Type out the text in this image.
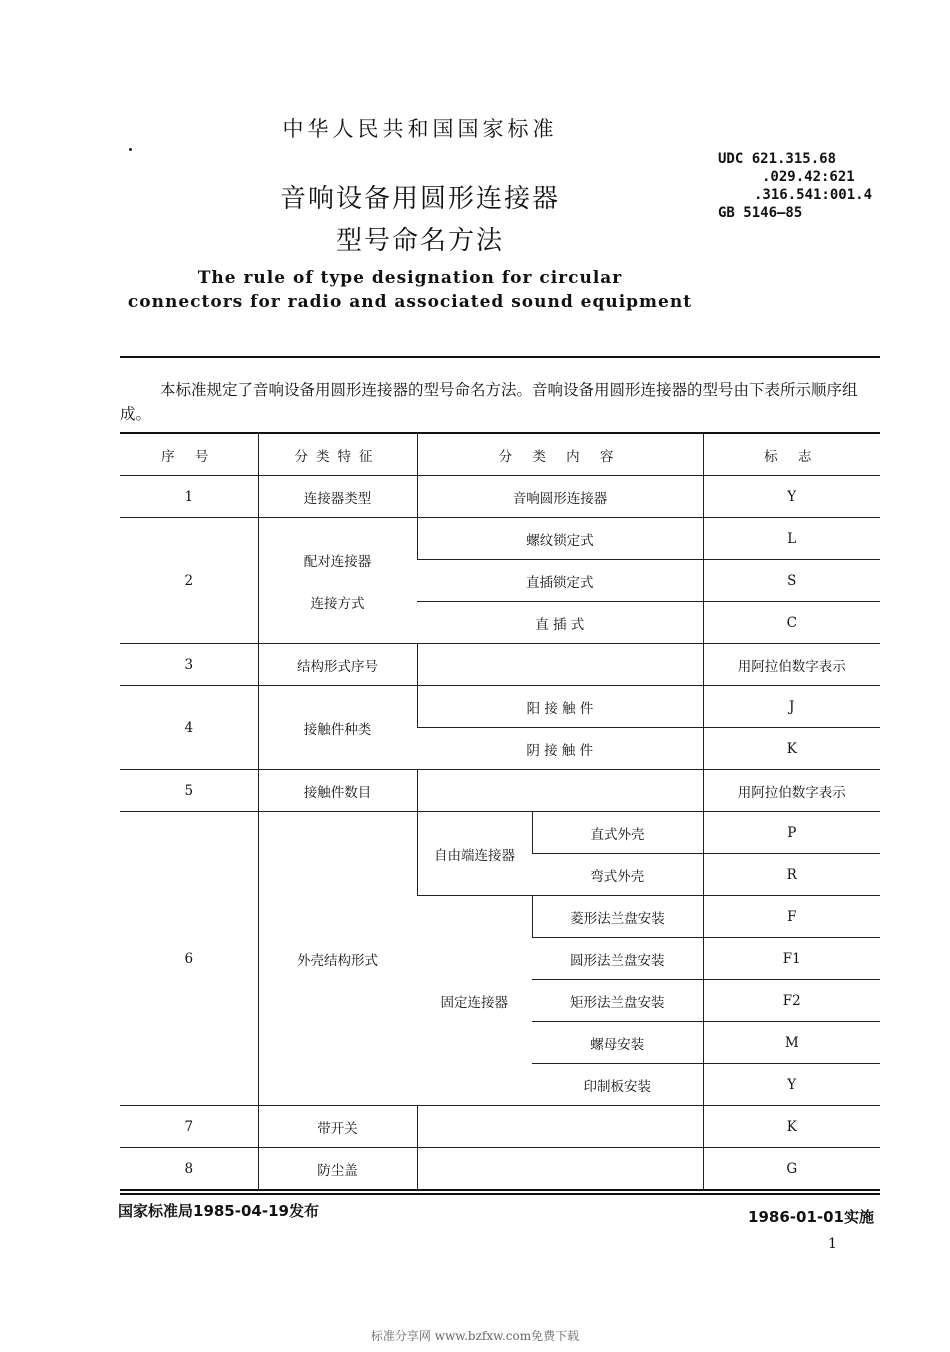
中华人民共和国国家标准
UDC 621.315.68
.029.42:621
.316.541:001.4
GB 5146—85
音响设备用圆形连接器
型号命名方法
The rule of type designation for circular
connectors for radio and associated sound equipment

本标准规定了音响设备用圆形连接器的型号命名方法。音响设备用圆形连接器的型号由下表所示顺序组成。

序 号	分类特征	分 类 内 容		标 志
1	连接器类型	音响圆形连接器		Y
2	配对连接器
连接方式	螺纹锁定式		L
		直插锁定式		S
		直 插 式		C
3	结构形式序号			用阿拉伯数字表示
4	接触件种类	阳 接 触 件		J
		阴 接 触 件		K
5	接触件数目			用阿拉伯数字表示
6	外壳结构形式	自由端连接器	直式外壳	P
			弯式外壳	R
		固定连接器	菱形法兰盘安装	F
			圆形法兰盘安装	F1
			矩形法兰盘安装	F2
			螺母安装	M
			印制板安装	Y
7	带开关			K
8	防尘盖			G
国家标准局1985-04-19发布	1986-01-01实施
1
标准分享网 www.bzfxw.com免费下载
